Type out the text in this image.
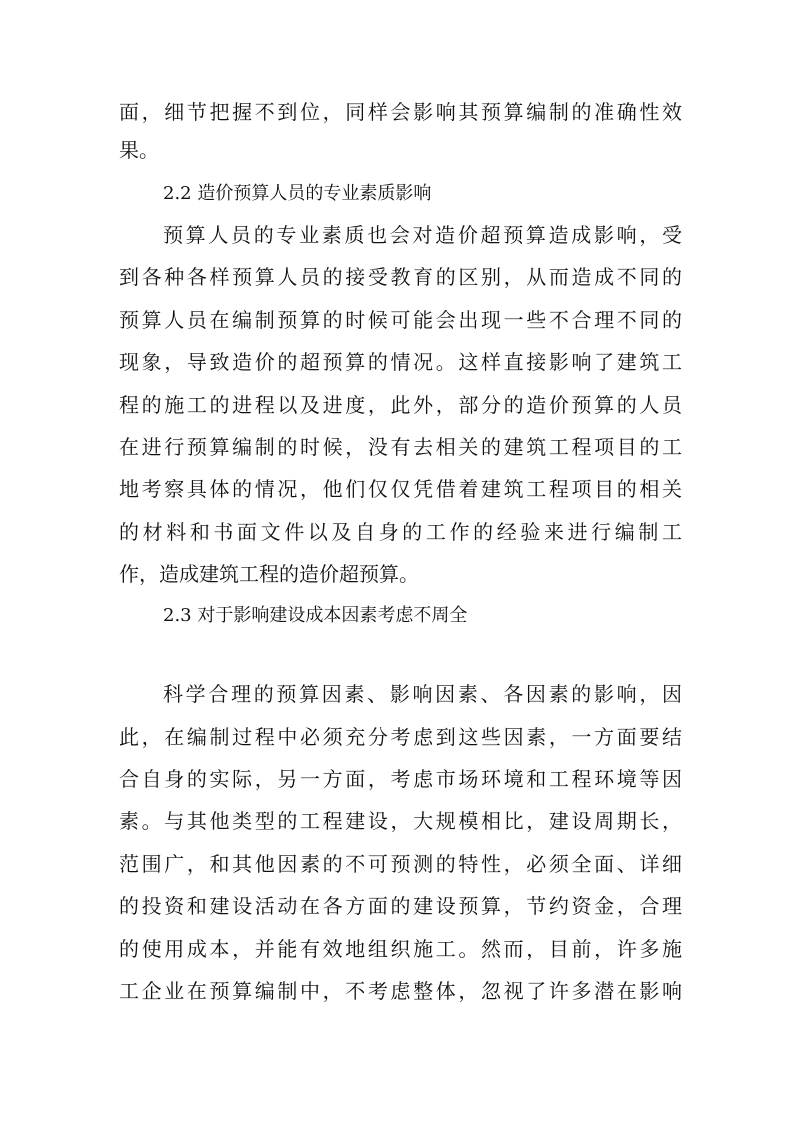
面，细节把握不到位，同样会影响其预算编制的准确性效
果。
2.2 造价预算人员的专业素质影响
预算人员的专业素质也会对造价超预算造成影响，受
到各种各样预算人员的接受教育的区别，从而造成不同的
预算人员在编制预算的时候可能会出现一些不合理不同的
现象，导致造价的超预算的情况。这样直接影响了建筑工
程的施工的进程以及进度，此外，部分的造价预算的人员
在进行预算编制的时候，没有去相关的建筑工程项目的工
地考察具体的情况，他们仅仅凭借着建筑工程项目的相关
的材料和书面文件以及自身的工作的经验来进行编制工
作，造成建筑工程的造价超预算。
2.3 对于影响建设成本因素考虑不周全
科学合理的预算因素、影响因素、各因素的影响，因
此，在编制过程中必须充分考虑到这些因素，一方面要结
合自身的实际，另一方面，考虑市场环境和工程环境等因
素。与其他类型的工程建设，大规模相比，建设周期长，
范围广，和其他因素的不可预测的特性，必须全面、详细
的投资和建设活动在各方面的建设预算，节约资金，合理
的使用成本，并能有效地组织施工。然而，目前，许多施
工企业在预算编制中，不考虑整体，忽视了许多潜在影响
